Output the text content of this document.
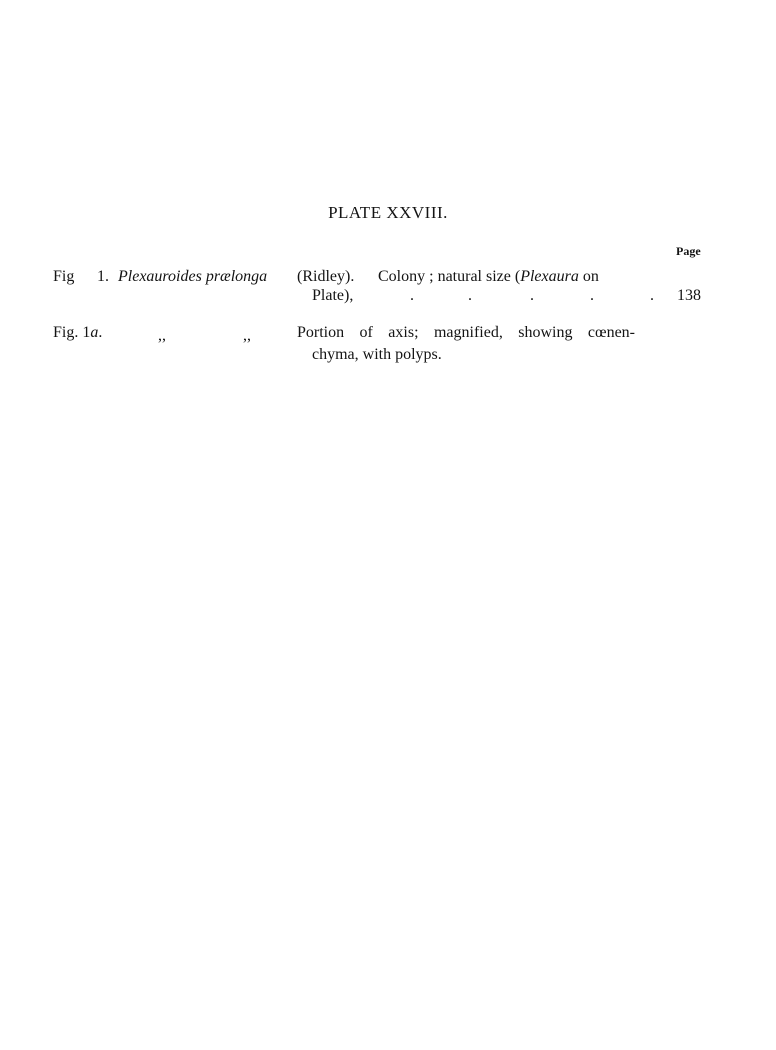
PLATE XXVIII.
Page
Fig 1. Plexauroides prælonga (Ridley). Colony ; natural size (Plexaura on
Plate),	.	.	.	.	. 138
Fig. 1a.	,,	,,	Portion of axis; magnified, showing cœnen-
chyma, with polyps.
